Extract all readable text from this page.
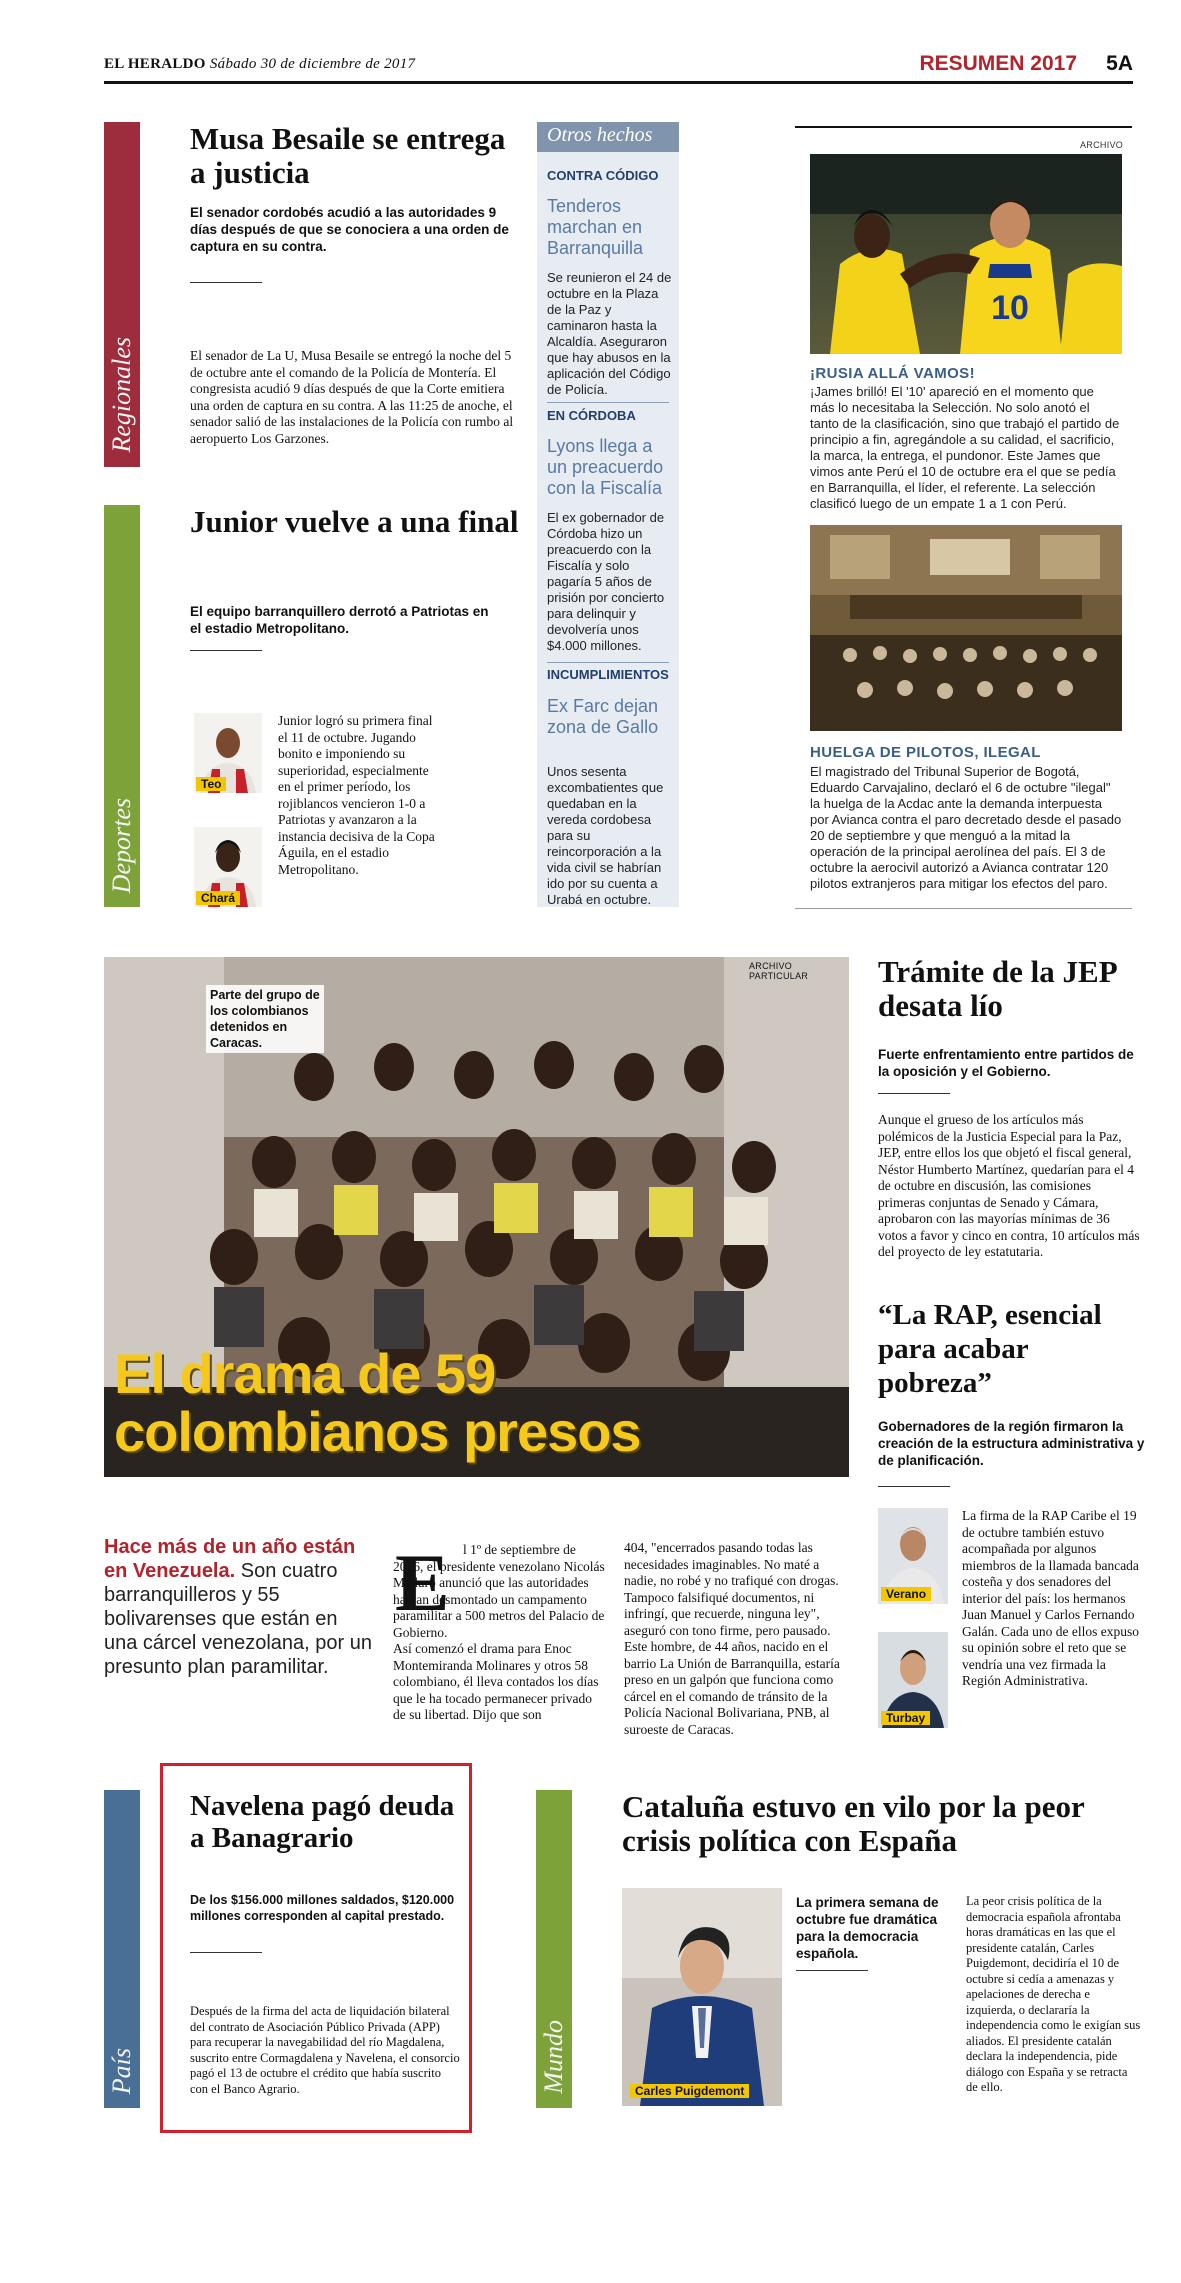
EL HERALDO Sábado 30 de diciembre de 2017	RESUMEN 2017 5A
Regionales
Musa Besaile se entrega a justicia
El senador cordobés acudió a las autoridades 9 días después de que se conociera a una orden de captura en su contra.
El senador de La U, Musa Besaile se entregó la noche del 5 de octubre ante el comando de la Policía de Montería. El congresista acudió 9 días después de que la Corte emitiera una orden de captura en su contra. A las 11:25 de anoche, el senador salió de las instalaciones de la Policía con rumbo al aeropuerto Los Garzones.
Deportes
Junior vuelve a una final
El equipo barranquillero derrotó a Patriotas en el estadio Metropolitano.
Teo
Chará
Junior logró su primera final el 11 de octubre. Jugando bonito e imponiendo su superioridad, especialmente en el primer período, los rojiblancos vencieron 1-0 a Patriotas y avanzaron a la instancia decisiva de la Copa Águila, en el estadio Metropolitano.
Otros hechos
CONTRA CÓDIGO
Tenderos marchan en Barranquilla
Se reunieron el 24 de octubre en la Plaza de la Paz y caminaron hasta la Alcaldía. Aseguraron que hay abusos en la aplicación del Código de Policía.
EN CÓRDOBA
Lyons llega a un preacuerdo con la Fiscalía
El ex gobernador de Córdoba hizo un preacuerdo con la Fiscalía y solo pagaría 5 años de prisión por concierto para delinquir y devolvería unos $4.000 millones.
INCUMPLIMIENTOS
Ex Farc dejan zona de Gallo
Unos sesenta excombatientes que quedaban en la vereda cordobesa para su reincorporación a la vida civil se habrían ido por su cuenta a Urabá en octubre.
ARCHIVO
10
¡RUSIA ALLÁ VAMOS!
¡James brilló! El '10' apareció en el momento que más lo necesitaba la Selección. No solo anotó el tanto de la clasificación, sino que trabajó el partido de principio a fin, agregándole a su calidad, el sacrificio, la marca, la entrega, el pundonor. Este James que vimos ante Perú el 10 de octubre era el que se pedía en Barranquilla, el líder, el referente. La selección clasificó luego de un empate 1 a 1 con Perú.
HUELGA DE PILOTOS, ILEGAL
El magistrado del Tribunal Superior de Bogotá, Eduardo Carvajalino, declaró el 6 de octubre "ilegal" la huelga de la Acdac ante la demanda interpuesta por Avianca contra el paro decretado desde el pasado 20 de septiembre y que menguó a la mitad la operación de la principal aerolínea del país. El 3 de octubre la aerocivil autorizó a Avianca contratar 120 pilotos extranjeros para mitigar los efectos del paro.
ARCHIVO PARTICULAR
Parte del grupo de los colombianos detenidos en Caracas.
El drama de 59 colombianos presos
Hace más de un año están en Venezuela. Son cuatro barranquilleros y 55 bolivarenses que están en una cárcel venezolana, por un presunto plan paramilitar.
E l 1º de septiembre de 2016, el presidente venezolano Nicolás Maduro anunció que las autoridades habían desmontado un campamento paramilitar a 500 metros del Palacio de Gobierno.
Así comenzó el drama para Enoc Montemiranda Molinares y otros 58 colombiano, él lleva contados los días que le ha tocado permanecer privado de su libertad. Dijo que son
404, "encerrados pasando todas las necesidades imaginables. No maté a nadie, no robé y no trafiqué con drogas. Tampoco falsifiqué documentos, ni infringí, que recuerde, ninguna ley", aseguró con tono firme, pero pausado.
Este hombre, de 44 años, nacido en el barrio La Unión de Barranquilla, estaría preso en un galpón que funciona como cárcel en el comando de tránsito de la Policía Nacional Bolivariana, PNB, al suroeste de Caracas.
Trámite de la JEP desata lío
Fuerte enfrentamiento entre partidos de la oposición y el Gobierno.
Aunque el grueso de los artículos más polémicos de la Justicia Especial para la Paz, JEP, entre ellos los que objetó el fiscal general, Néstor Humberto Martínez, quedarían para el 4 de octubre en discusión, las comisiones primeras conjuntas de Senado y Cámara, aprobaron con las mayorías mínimas de 36 votos a favor y cinco en contra, 10 artículos más del proyecto de ley estatutaria.
“La RAP, esencial para acabar pobreza”
Gobernadores de la región firmaron la creación de la estructura administrativa y de planificación.
Verano
Turbay
La firma de la RAP Caribe el 19 de octubre también estuvo acompañada por algunos miembros de la llamada bancada costeña y dos senadores del interior del país: los hermanos Juan Manuel y Carlos Fernando Galán. Cada uno de ellos expuso su opinión sobre el reto que se vendría una vez firmada la Región Administrativa.
País
Navelena pagó deuda a Banagrario
De los $156.000 millones saldados, $120.000 millones corresponden al capital prestado.
Después de la firma del acta de liquidación bilateral del contrato de Asociación Público Privada (APP) para recuperar la navegabilidad del río Magdalena, suscrito entre Cormagdalena y Navelena, el consorcio pagó el 13 de octubre el crédito que había suscrito con el Banco Agrario.	Mundo
Cataluña estuvo en vilo por la peor crisis política con España
Carles Puigdemont
La primera semana de octubre fue dramática para la democracia española.
La peor crisis política de la democracia española afrontaba horas dramáticas en las que el presidente catalán, Carles Puigdemont, decidiría el 10 de octubre si cedía a amenazas y apelaciones de derecha e izquierda, o declararía la independencia como le exigían sus aliados. El presidente catalán declara la independencia, pide diálogo con España y se retracta de ello.
